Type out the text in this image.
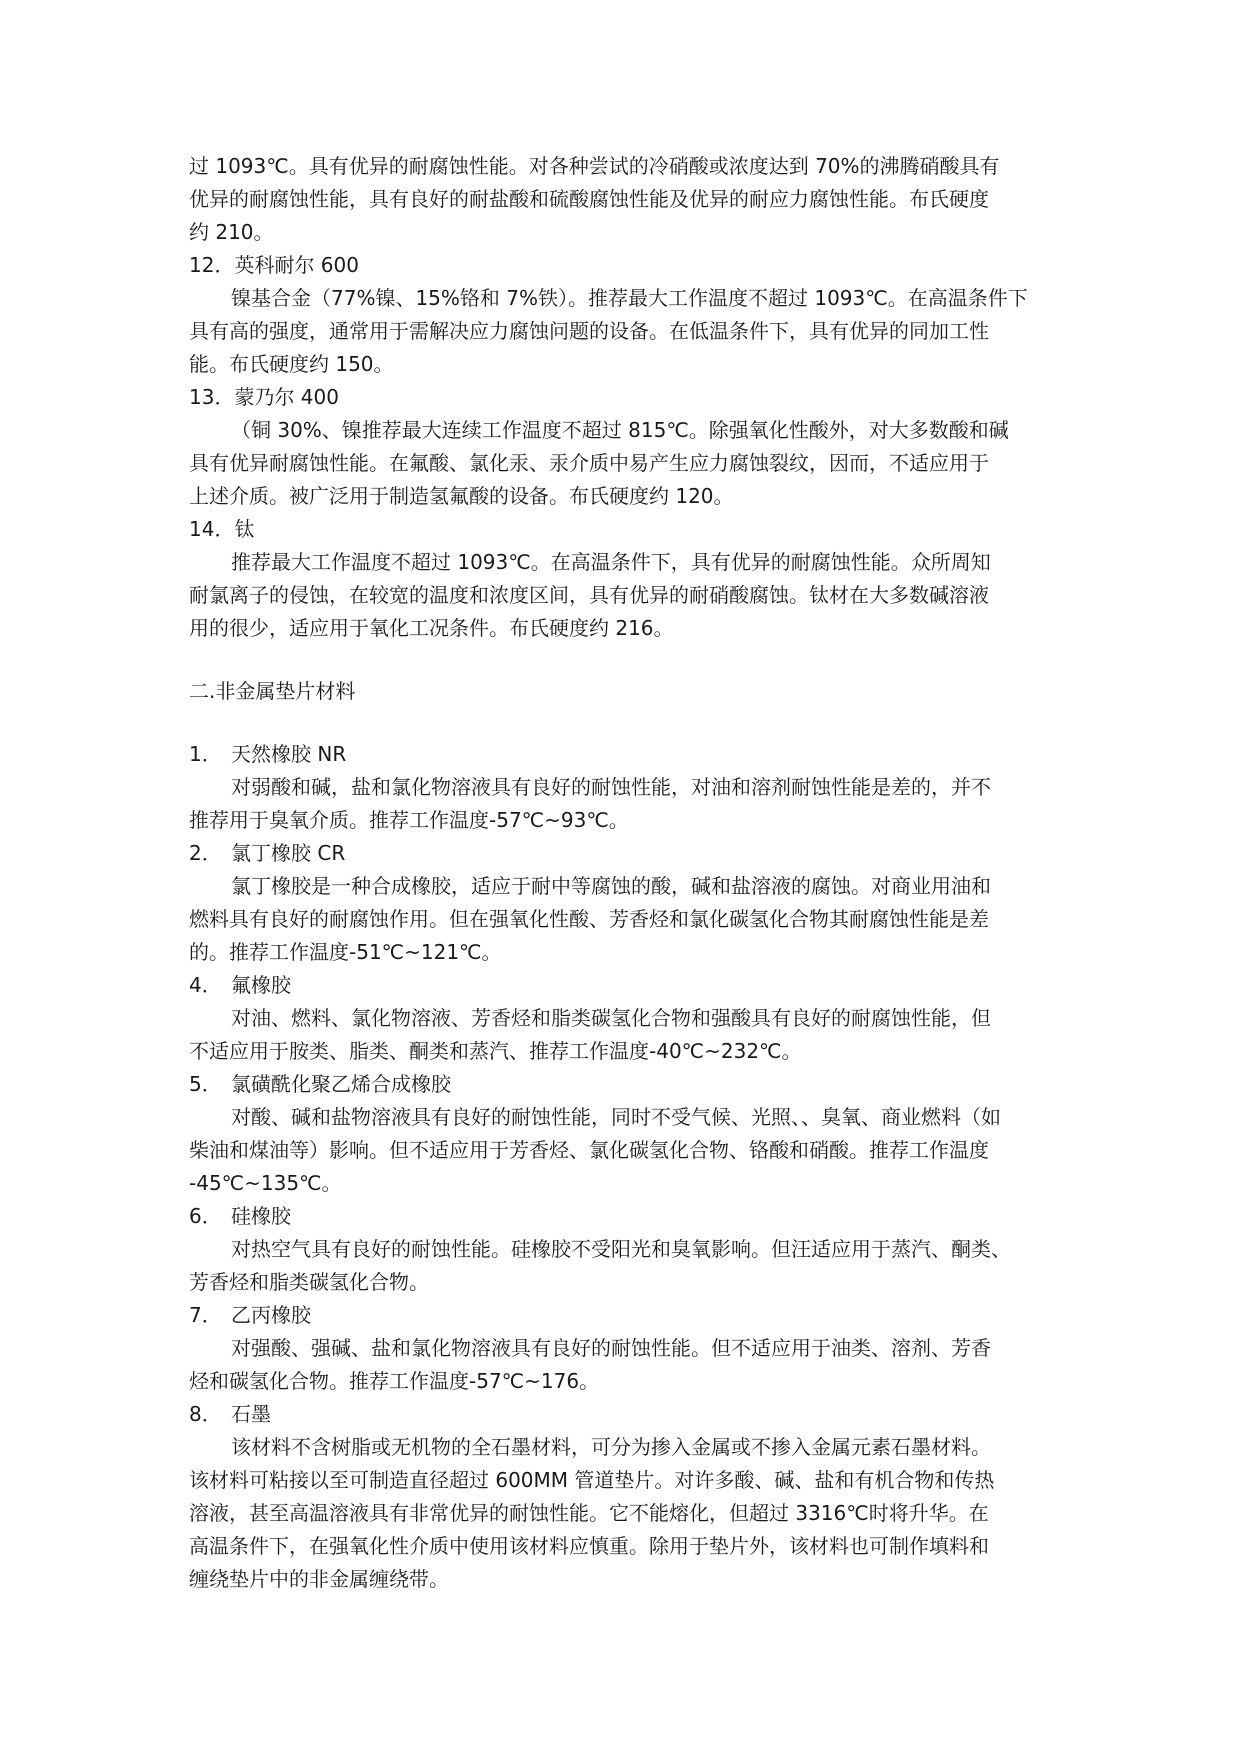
过 1093℃。具有优异的耐腐蚀性能。对各种尝试的冷硝酸或浓度达到 70%的沸腾硝酸具有
优异的耐腐蚀性能，具有良好的耐盐酸和硫酸腐蚀性能及优异的耐应力腐蚀性能。布氏硬度
约 210。
12．英科耐尔 600
镍基合金（77%镍、15%铬和 7%铁）。推荐最大工作温度不超过 1093℃。在高温条件下
具有高的强度，通常用于需解决应力腐蚀问题的设备。在低温条件下，具有优异的同加工性
能。布氏硬度约 150。
13．蒙乃尔 400
（铜 30%、镍推荐最大连续工作温度不超过 815℃。除强氧化性酸外，对大多数酸和碱
具有优异耐腐蚀性能。在氟酸、氯化汞、汞介质中易产生应力腐蚀裂纹，因而，不适应用于
上述介质。被广泛用于制造氢氟酸的设备。布氏硬度约 120。
14．钛
推荐最大工作温度不超过 1093℃。在高温条件下，具有优异的耐腐蚀性能。众所周知
耐氯离子的侵蚀，在较宽的温度和浓度区间，具有优异的耐硝酸腐蚀。钛材在大多数碱溶液
用的很少，适应用于氧化工况条件。布氏硬度约 216。
二.非金属垫片材料
1． 天然橡胶 NR
对弱酸和碱，盐和氯化物溶液具有良好的耐蚀性能，对油和溶剂耐蚀性能是差的，并不
推荐用于臭氧介质。推荐工作温度-57℃~93℃。
2． 氯丁橡胶 CR
氯丁橡胶是一种合成橡胶，适应于耐中等腐蚀的酸，碱和盐溶液的腐蚀。对商业用油和
燃料具有良好的耐腐蚀作用。但在强氧化性酸、芳香烃和氯化碳氢化合物其耐腐蚀性能是差
的。推荐工作温度-51℃~121℃。
4． 氟橡胶
对油、燃料、氯化物溶液、芳香烃和脂类碳氢化合物和强酸具有良好的耐腐蚀性能，但
不适应用于胺类、脂类、酮类和蒸汽、推荐工作温度-40℃~232℃。
5． 氯磺酰化聚乙烯合成橡胶
对酸、碱和盐物溶液具有良好的耐蚀性能，同时不受气候、光照、、臭氧、商业燃料（如
柴油和煤油等）影响。但不适应用于芳香烃、氯化碳氢化合物、铬酸和硝酸。推荐工作温度
-45℃~135℃。
6． 硅橡胶
对热空气具有良好的耐蚀性能。硅橡胶不受阳光和臭氧影响。但汪适应用于蒸汽、酮类、
芳香烃和脂类碳氢化合物。
7． 乙丙橡胶
对强酸、强碱、盐和氯化物溶液具有良好的耐蚀性能。但不适应用于油类、溶剂、芳香
烃和碳氢化合物。推荐工作温度-57℃~176。
8． 石墨
该材料不含树脂或无机物的全石墨材料，可分为掺入金属或不掺入金属元素石墨材料。
该材料可粘接以至可制造直径超过 600MM 管道垫片。对许多酸、碱、盐和有机合物和传热
溶液，甚至高温溶液具有非常优异的耐蚀性能。它不能熔化，但超过 3316℃时将升华。在
高温条件下，在强氧化性介质中使用该材料应慎重。除用于垫片外，该材料也可制作填料和
缠绕垫片中的非金属缠绕带。
